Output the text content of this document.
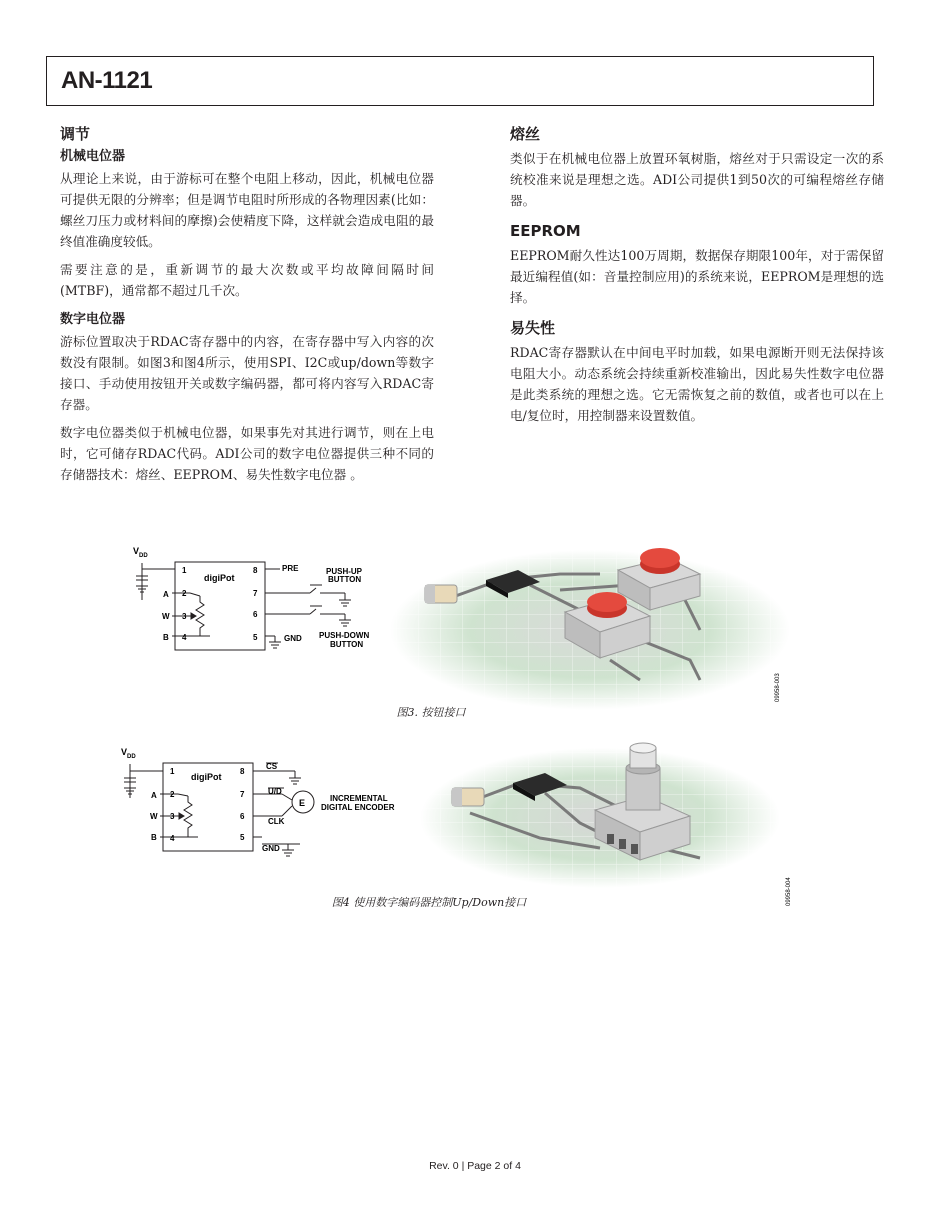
AN-1121
调节
机械电位器

从理论上来说，由于游标可在整个电阻上移动，因此，机械电位器可提供无限的分辨率；但是调节电阻时所形成的各物理因素(比如：螺丝刀压力或材料间的摩擦)会使精度下降，这样就会造成电阻的最终值准确度较低。

需要注意的是，重新调节的最大次数或平均故障间隔时间(MTBF)，通常都不超过几千次。

数字电位器

游标位置取决于RDAC寄存器中的内容，在寄存器中写入内容的次数没有限制。如图3和图4所示，使用SPI、I2C或up/down等数字接口、手动使用按钮开关或数字编码器，都可将内容写入RDAC寄存器。

数字电位器类似于机械电位器，如果事先对其进行调节，则在上电时，它可储存RDAC代码。ADI公司的数字电位器提供三种不同的存储器技术：熔丝、EEPROM、易失性数字电位器 。

熔丝

类似于在机械电位器上放置环氧树脂，熔丝对于只需设定一次的系统校准来说是理想之选。ADI公司提供1到50次的可编程熔丝存储器。

EEPROM

EEPROM耐久性达100万周期，数据保存期限100年，对于需保留最近编程值(如：音量控制应用)的系统来说，EEPROM是理想的选择。

易失性

RDAC寄存器默认在中间电平时加载，如果电源断开则无法保持该电阻大小。动态系统会持续重新校准输出，因此易失性数字电位器是此类系统的理想之选。它无需恢复之前的数值，或者也可以在上电/复位时，用控制器来设置数值。

V DD
1
2
3
4	5
6
7
8
digiPot
A
W
B
PRE
GND
PUSH-UP
BUTTON
PUSH-DOWN
BUTTON
09958-003
图3. 按钮接口
V DD
1
2
3
4	5
6
7
8
digiPot
A
W
B
CS
U/D
CLK
GND
E	INCREMENTAL
DIGITAL ENCODER
09958-004
图4 使用数字编码器控制Up/Down接口
Rev. 0 | Page 2 of 4
